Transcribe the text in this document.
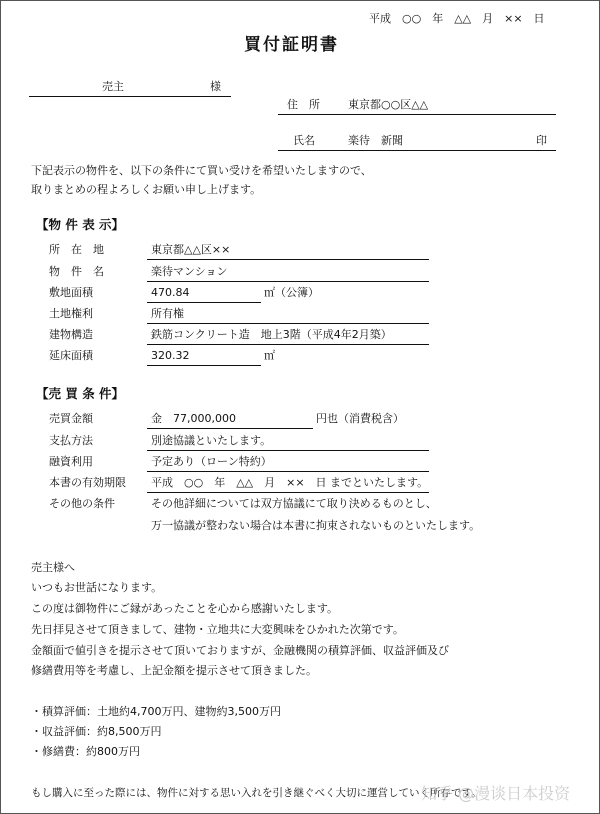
平成　○○　年　△△　月　××　日
買付証明書
売主	様
住　所	東京都○○区△△
氏名	楽待　新聞	印
下記表示の物件を、以下の条件にて買い受けを希望いたしますので、
取りまとめの程よろしくお願い申し上げます。
【物 件 表 示】
所　在　地	東京都△△区××
物　件　名	楽待マンション
敷地面積	470.84	㎡（公簿）
土地権利	所有権
建物構造	鉄筋コンクリート造　地上3階（平成4年2月築）
延床面積	320.32	㎡
【売 買 条 件】
売買金額	金　77,000,000	円也（消費税含）
支払方法	別途協議といたします。
融資利用	予定あり（ローン特約）
本書の有効期限 平成　○○　年　△△　月　××　日 までといたします。
その他の条件	その他詳細については双方協議にて取り決めるものとし、
万一協議が整わない場合は本書に拘束されないものといたします。
売主様へ
いつもお世話になります。
この度は御物件にご縁があったことを心から感謝いたします。
先日拝見させて頂きまして、建物・立地共に大変興味をひかれた次第です。
金額面で値引きを提示させて頂いておりますが、金融機関の積算評価、収益評価及び
修繕費用等を考慮し、上記金額を提示させて頂きました。
・積算評価：土地約4,700万円、建物約3,500万円
・収益評価：約8,500万円
・修繕費：約800万円
もし購入に至った際には、物件に対する思い入れを引き継ぐべく大切に運営していく所存です。
知乎 @漫谈日本投资
